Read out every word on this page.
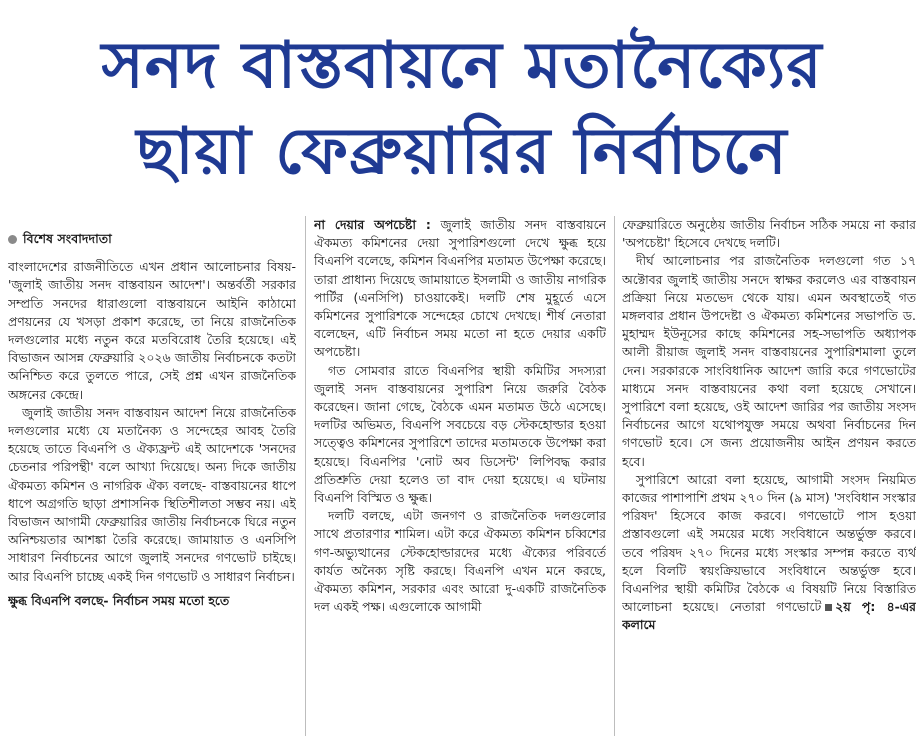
সনদ বাস্তবায়নে মতানৈক্যের
ছায়া ফেব্রুয়ারির নির্বাচনে
বিশেষ সংবাদদাতা

বাংলাদেশের রাজনীতিতে এখন প্রধান আলোচনার বিষয়- 'জুলাই জাতীয় সনদ বাস্তবায়ন আদেশ'। অন্তর্বর্তী সরকার সম্প্রতি সনদের ধারাগুলো বাস্তবায়নে আইনি কাঠামো প্রণয়নের যে খসড়া প্রকাশ করেছে, তা নিয়ে রাজনৈতিক দলগুলোর মধ্যে নতুন করে মতবিরোধ তৈরি হয়েছে। এই বিভাজন আসন্ন ফেব্রুয়ারি ২০২৬ জাতীয় নির্বাচনকে কতটা অনিশ্চিত করে তুলতে পারে, সেই প্রশ্ন এখন রাজনৈতিক অঙ্গনের কেন্দ্রে।

জুলাই জাতীয় সনদ বাস্তবায়ন আদেশ নিয়ে রাজনৈতিক দলগুলোর মধ্যে যে মতানৈক্য ও সন্দেহের আবহ তৈরি হয়েছে তাতে বিএনপি ও ঐক্যফ্রন্ট এই আদেশকে 'সনদের চেতনার পরিপন্থী' বলে আখ্যা দিয়েছে। অন্য দিকে জাতীয় ঐকমত্য কমিশন ও নাগরিক ঐক্য বলছে- বাস্তবায়নের ধাপে ধাপে অগ্রগতি ছাড়া প্রশাসনিক স্থিতিশীলতা সম্ভব নয়। এই বিভাজন আগামী ফেব্রুয়ারির জাতীয় নির্বাচনকে ঘিরে নতুন অনিশ্চয়তার আশঙ্কা তৈরি করেছে। জামায়াত ও এনসিপি সাধারণ নির্বাচনের আগে জুলাই সনদের গণভোট চাইছে। আর বিএনপি চাচ্ছে একই দিন গণভোট ও সাধারণ নির্বাচন।

ক্ষুব্ধ বিএনপি বলছে- নির্বাচন সময় মতো হতে

না দেয়ার অপচেষ্টা : জুলাই জাতীয় সনদ বাস্তবায়নে ঐকমত্য কমিশনের দেয়া সুপারিশগুলো দেখে ক্ষুব্ধ হয়ে বিএনপি বলেছে, কমিশন বিএনপির মতামত উপেক্ষা করেছে। তারা প্রাধান্য দিয়েছে জামায়াতে ইসলামী ও জাতীয় নাগরিক পার্টির (এনসিপি) চাওয়াকেই। দলটি শেষ মুহূর্তে এসে কমিশনের সুপারিশকে সন্দেহের চোখে দেখছে। শীর্ষ নেতারা বলেছেন, এটি নির্বাচন সময় মতো না হতে দেয়ার একটি অপচেষ্টা।

গত সোমবার রাতে বিএনপির স্থায়ী কমিটির সদস্যরা জুলাই সনদ বাস্তবায়নের সুপারিশ নিয়ে জরুরি বৈঠক করেছেন। জানা গেছে, বৈঠকে এমন মতামত উঠে এসেছে। দলটির অভিমত, বিএনপি সবচেয়ে বড় স্টেকহোল্ডার হওয়া সত্ত্বেও কমিশনের সুপারিশে তাদের মতামতকে উপেক্ষা করা হয়েছে। বিএনপির 'নোট অব ডিসেন্ট' লিপিবদ্ধ করার প্রতিশ্রুতি দেয়া হলেও তা বাদ দেয়া হয়েছে। এ ঘটনায় বিএনপি বিস্মিত ও ক্ষুব্ধ।

দলটি বলছে, এটা জনগণ ও রাজনৈতিক দলগুলোর সাথে প্রতারণার শামিল। এটা করে ঐকমত্য কমিশন চব্বিশের গণ-অভ্যুত্থানের স্টেকহোল্ডারদের মধ্যে ঐক্যের পরিবর্তে কার্যত অনৈক্য সৃষ্টি করছে। বিএনপি এখন মনে করছে, ঐকমত্য কমিশন, সরকার এবং আরো দু-একটি রাজনৈতিক দল একই পক্ষ। এগুলোকে আগামী

ফেব্রুয়ারিতে অনুষ্ঠেয় জাতীয় নির্বাচন সঠিক সময়ে না করার 'অপচেষ্টা' হিসেবে দেখছে দলটি।

দীর্ঘ আলোচনার পর রাজনৈতিক দলগুলো গত ১৭ অক্টোবর জুলাই জাতীয় সনদে স্বাক্ষর করলেও এর বাস্তবায়ন প্রক্রিয়া নিয়ে মতভেদ থেকে যায়। এমন অবস্থাতেই গত মঙ্গলবার প্রধান উপদেষ্টা ও ঐকমত্য কমিশনের সভাপতি ড. মুহাম্মদ ইউনূসের কাছে কমিশনের সহ-সভাপতি অধ্যাপক আলী রীয়াজ জুলাই সনদ বাস্তবায়নের সুপারিশমালা তুলে দেন। সরকারকে সাংবিধানিক আদেশ জারি করে গণভোটের মাধ্যমে সনদ বাস্তবায়নের কথা বলা হয়েছে সেখানে। সুপারিশে বলা হয়েছে, ওই আদেশ জারির পর জাতীয় সংসদ নির্বাচনের আগে যথোপযুক্ত সময়ে অথবা নির্বাচনের দিন গণভোট হবে। সে জন্য প্রয়োজনীয় আইন প্রণয়ন করতে হবে।

সুপারিশে আরো বলা হয়েছে, আগামী সংসদ নিয়মিত কাজের পাশাপাশি প্রথম ২৭০ দিন (৯ মাস) 'সংবিধান সংস্কার পরিষদ' হিসেবে কাজ করবে। গণভোটে পাস হওয়া প্রস্তাবগুলো এই সময়ের মধ্যে সংবিধানে অন্তর্ভুক্ত করবে। তবে পরিষদ ২৭০ দিনের মধ্যে সংস্কার সম্পন্ন করতে ব্যর্থ হলে বিলটি স্বয়ংক্রিয়ভাবে সংবিধানে অন্তর্ভুক্ত হবে। বিএনপির স্থায়ী কমিটির বৈঠকে এ বিষয়টি নিয়ে বিস্তারিত আলোচনা হয়েছে। নেতারা গণভোটে ২য় পৃ: ৪-এর কলামে
